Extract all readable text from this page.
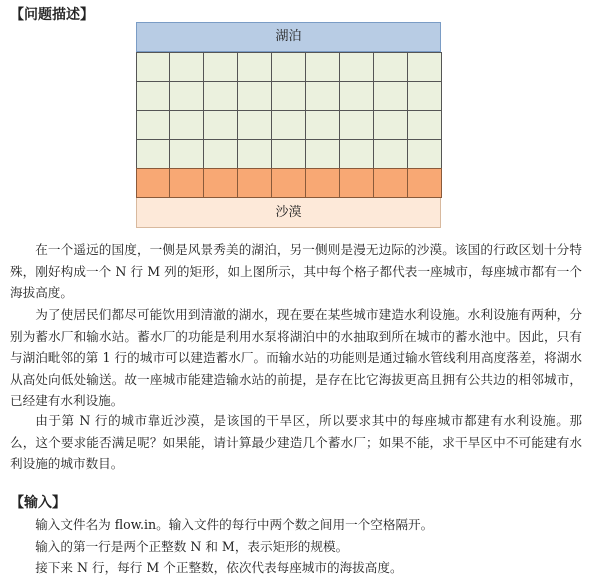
【问题描述】
湖泊
沙漠

在一个遥远的国度，一侧是风景秀美的湖泊，另一侧则是漫无边际的沙漠。该国的行政区划十分特殊，刚好构成一个 N 行 M 列的矩形，如上图所示，其中每个格子都代表一座城市，每座城市都有一个海拔高度。

为了使居民们都尽可能饮用到清澈的湖水，现在要在某些城市建造水利设施。水利设施有两种，分别为蓄水厂和输水站。蓄水厂的功能是利用水泵将湖泊中的水抽取到所在城市的蓄水池中。因此，只有与湖泊毗邻的第 1 行的城市可以建造蓄水厂。而输水站的功能则是通过输水管线利用高度落差，将湖水从高处向低处输送。故一座城市能建造输水站的前提，是存在比它海拔更高且拥有公共边的相邻城市，已经建有水利设施。

由于第 N 行的城市靠近沙漠，是该国的干旱区，所以要求其中的每座城市都建有水利设施。那么，这个要求能否满足呢？如果能，请计算最少建造几个蓄水厂；如果不能，求干旱区中不可能建有水利设施的城市数目。

【输入】
输入文件名为 flow.in。输入文件的每行中两个数之间用一个空格隔开。
输入的第一行是两个正整数 N 和 M，表示矩形的规模。
接下来 N 行，每行 M 个正整数，依次代表每座城市的海拔高度。
